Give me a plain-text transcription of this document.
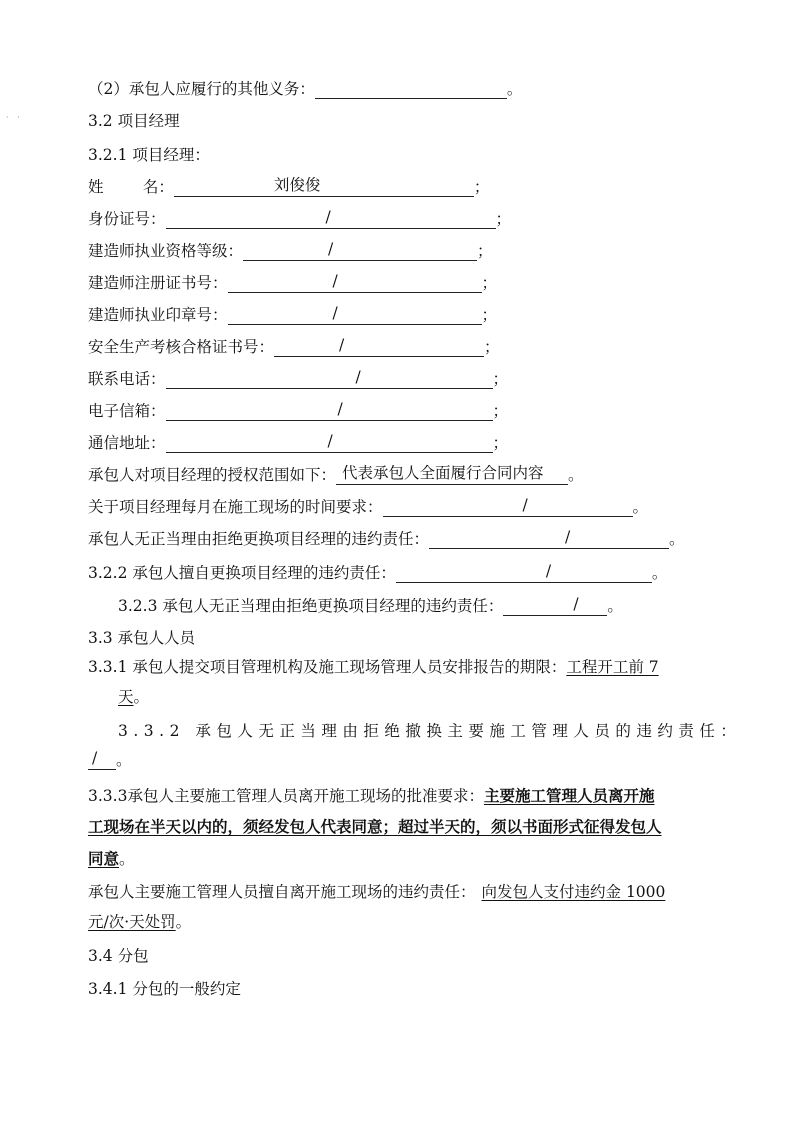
· ·
（2）承包人应履行的其他义务：	。
3.2 项目经理
3.2.1 项目经理：
姓        名：	刘俊俊	；
身份证号：	/	；
建造师执业资格等级：	/	；
建造师注册证书号：	/	；
建造师执业印章号：	/	；
安全生产考核合格证书号：	/	；
联系电话：	/	；
电子信箱：	/	；
通信地址：	/	；
承包人对项目经理的授权范围如下： 代表承包人全面履行合同内容 。
关于项目经理每月在施工现场的时间要求：	/	。
承包人无正当理由拒绝更换项目经理的违约责任：	/	。
3.2.2 承包人擅自更换项目经理的违约责任：	/	。
3.2.3 承包人无正当理由拒绝更换项目经理的违约责任：	/ 。
3.3 承包人人员
3.3.1 承包人提交项目管理机构及施工现场管理人员安排报告的期限：工程开工前 7
天。
3.3.2 承包人无正当理由拒绝撤换主要施工管理人员的违约责任：
/ 。
3.3.3承包人主要施工管理人员离开施工现场的批准要求：主要施工管理人员离开施
工现场在半天以内的，须经发包人代表同意；超过半天的，须以书面形式征得发包人
同意。
承包人主要施工管理人员擅自离开施工现场的违约责任： 向发包人支付违约金 1000
元/次·天处罚。
3.4 分包
3.4.1 分包的一般约定
